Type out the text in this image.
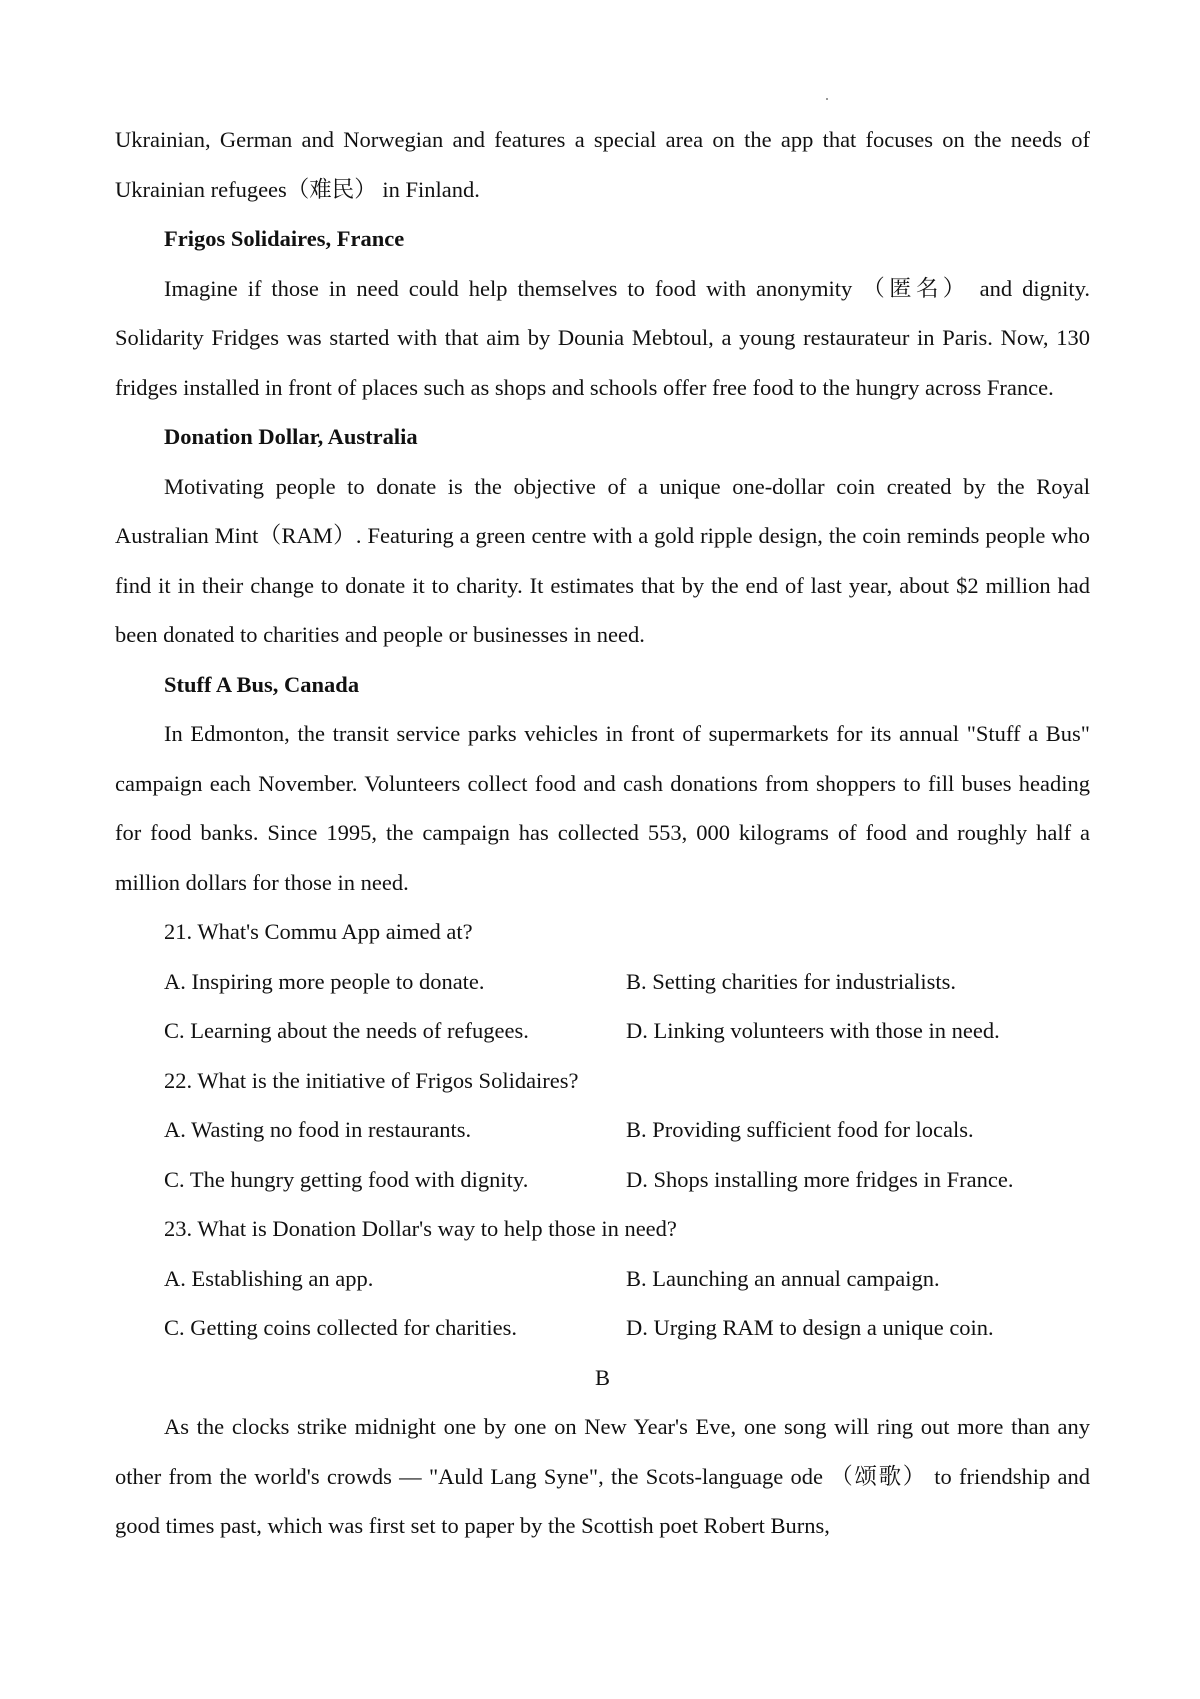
Ukrainian, German and Norwegian and features a special area on the app that focuses on the needs of Ukrainian refugees（难民） in Finland.

Frigos Solidaires, France

Imagine if those in need could help themselves to food with anonymity （匿名） and dignity. Solidarity Fridges was started with that aim by Dounia Mebtoul, a young restaurateur in Paris. Now, 130 fridges installed in front of places such as shops and schools offer free food to the hungry across France.

Donation Dollar, Australia

Motivating people to donate is the objective of a unique one-dollar coin created by the Royal Australian Mint（RAM）. Featuring a green centre with a gold ripple design, the coin reminds people who find it in their change to donate it to charity. It estimates that by the end of last year, about $2 million had been donated to charities and people or businesses in need.

Stuff A Bus, Canada

In Edmonton, the transit service parks vehicles in front of supermarkets for its annual "Stuff a Bus" campaign each November. Volunteers collect food and cash donations from shoppers to fill buses heading for food banks. Since 1995, the campaign has collected 553, 000 kilograms of food and roughly half a million dollars for those in need.

21. What's Commu App aimed at?

A. Inspiring more people to donate.	B. Setting charities for industrialists.
C. Learning about the needs of refugees.	D. Linking volunteers with those in need.

22. What is the initiative of Frigos Solidaires?

A. Wasting no food in restaurants.	B. Providing sufficient food for locals.
C. The hungry getting food with dignity.	D. Shops installing more fridges in France.

23. What is Donation Dollar's way to help those in need?

A. Establishing an app.	B. Launching an annual campaign.
C. Getting coins collected for charities.	D. Urging RAM to design a unique coin.

B

As the clocks strike midnight one by one on New Year's Eve, one song will ring out more than any other from the world's crowds — "Auld Lang Syne", the Scots-language ode （颂歌） to friendship and good times past, which was first set to paper by the Scottish poet Robert Burns,
